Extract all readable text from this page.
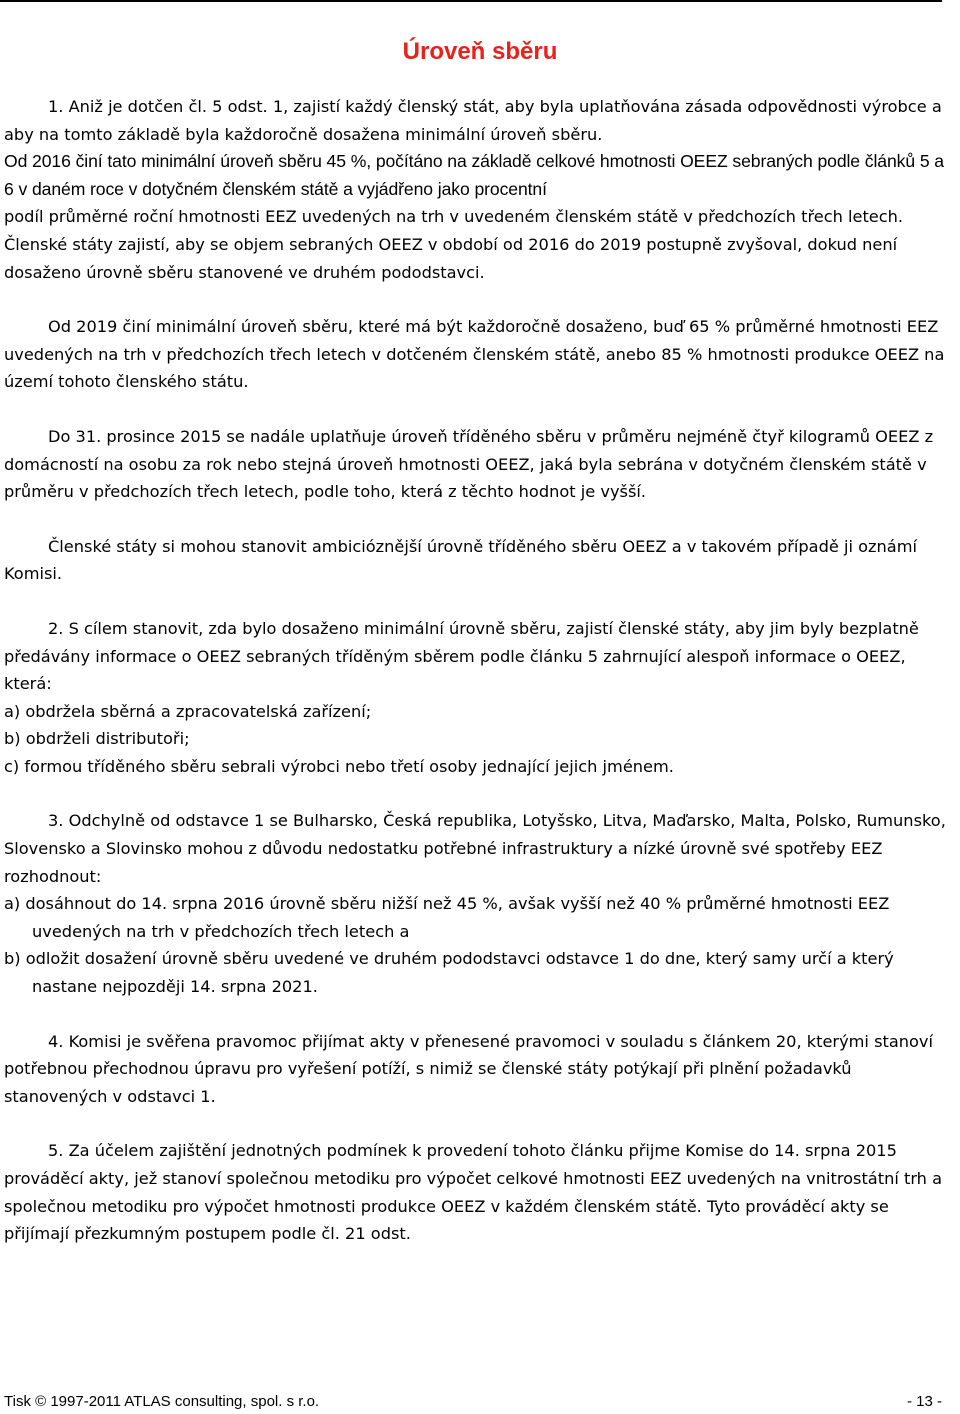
Úroveň sběru

1. Aniž je dotčen čl. 5 odst. 1, zajistí každý členský stát, aby byla uplatňována zásada odpovědnosti výrobce a aby na tomto základě byla každoročně dosažena minimální úroveň sběru.

Od 2016 činí tato minimální úroveň sběru 45 %, počítáno na základě celkové hmotnosti OEEZ sebraných podle článků 5 a 6 v daném roce v dotyčném členském státě a vyjádřeno jako procentní

podíl průměrné roční hmotnosti EEZ uvedených na trh v uvedeném členském státě v předchozích třech letech. Členské státy zajistí, aby se objem sebraných OEEZ v období od 2016 do 2019 postupně zvyšoval, dokud není dosaženo úrovně sběru stanovené ve druhém pododstavci.

Od 2019 činí minimální úroveň sběru, které má být každoročně dosaženo, buď 65 % průměrné hmotnosti EEZ uvedených na trh v předchozích třech letech v dotčeném členském státě, anebo 85 % hmotnosti produkce OEEZ na území tohoto členského státu.

Do 31. prosince 2015 se nadále uplatňuje úroveň tříděného sběru v průměru nejméně čtyř kilogramů OEEZ z domácností na osobu za rok nebo stejná úroveň hmotnosti OEEZ, jaká byla sebrána v dotyčném členském státě v průměru v předchozích třech letech, podle toho, která z těchto hodnot je vyšší.

Členské státy si mohou stanovit ambicióznější úrovně tříděného sběru OEEZ a v takovém případě ji oznámí Komisi.

2. S cílem stanovit, zda bylo dosaženo minimální úrovně sběru, zajistí členské státy, aby jim byly bezplatně předávány informace o OEEZ sebraných tříděným sběrem podle článku 5 zahrnující alespoň informace o OEEZ, která:

a) obdržela sběrná a zpracovatelská zařízení;

b) obdrželi distributoři;

c) formou tříděného sběru sebrali výrobci nebo třetí osoby jednající jejich jménem.

3. Odchylně od odstavce 1 se Bulharsko, Česká republika, Lotyšsko, Litva, Maďarsko, Malta, Polsko, Rumunsko, Slovensko a Slovinsko mohou z důvodu nedostatku potřebné infrastruktury a nízké úrovně své spotřeby EEZ rozhodnout:

a) dosáhnout do 14. srpna 2016 úrovně sběru nižší než 45 %, avšak vyšší než 40 % průměrné hmotnosti EEZ uvedených na trh v předchozích třech letech a

b) odložit dosažení úrovně sběru uvedené ve druhém pododstavci odstavce 1 do dne, který samy určí a který nastane nejpozději 14. srpna 2021.

4. Komisi je svěřena pravomoc přijímat akty v přenesené pravomoci v souladu s článkem 20, kterými stanoví potřebnou přechodnou úpravu pro vyřešení potíží, s nimiž se členské státy potýkají při plnění požadavků stanovených v odstavci 1.

5. Za účelem zajištění jednotných podmínek k provedení tohoto článku přijme Komise do 14. srpna 2015 prováděcí akty, jež stanoví společnou metodiku pro výpočet celkové hmotnosti EEZ uvedených na vnitrostátní trh a společnou metodiku pro výpočet hmotnosti produkce OEEZ v každém členském státě. Tyto prováděcí akty se přijímají přezkumným postupem podle čl. 21 odst.

Tisk © 1997-2011 ATLAS consulting, spol. s r.o.	- 13 -
